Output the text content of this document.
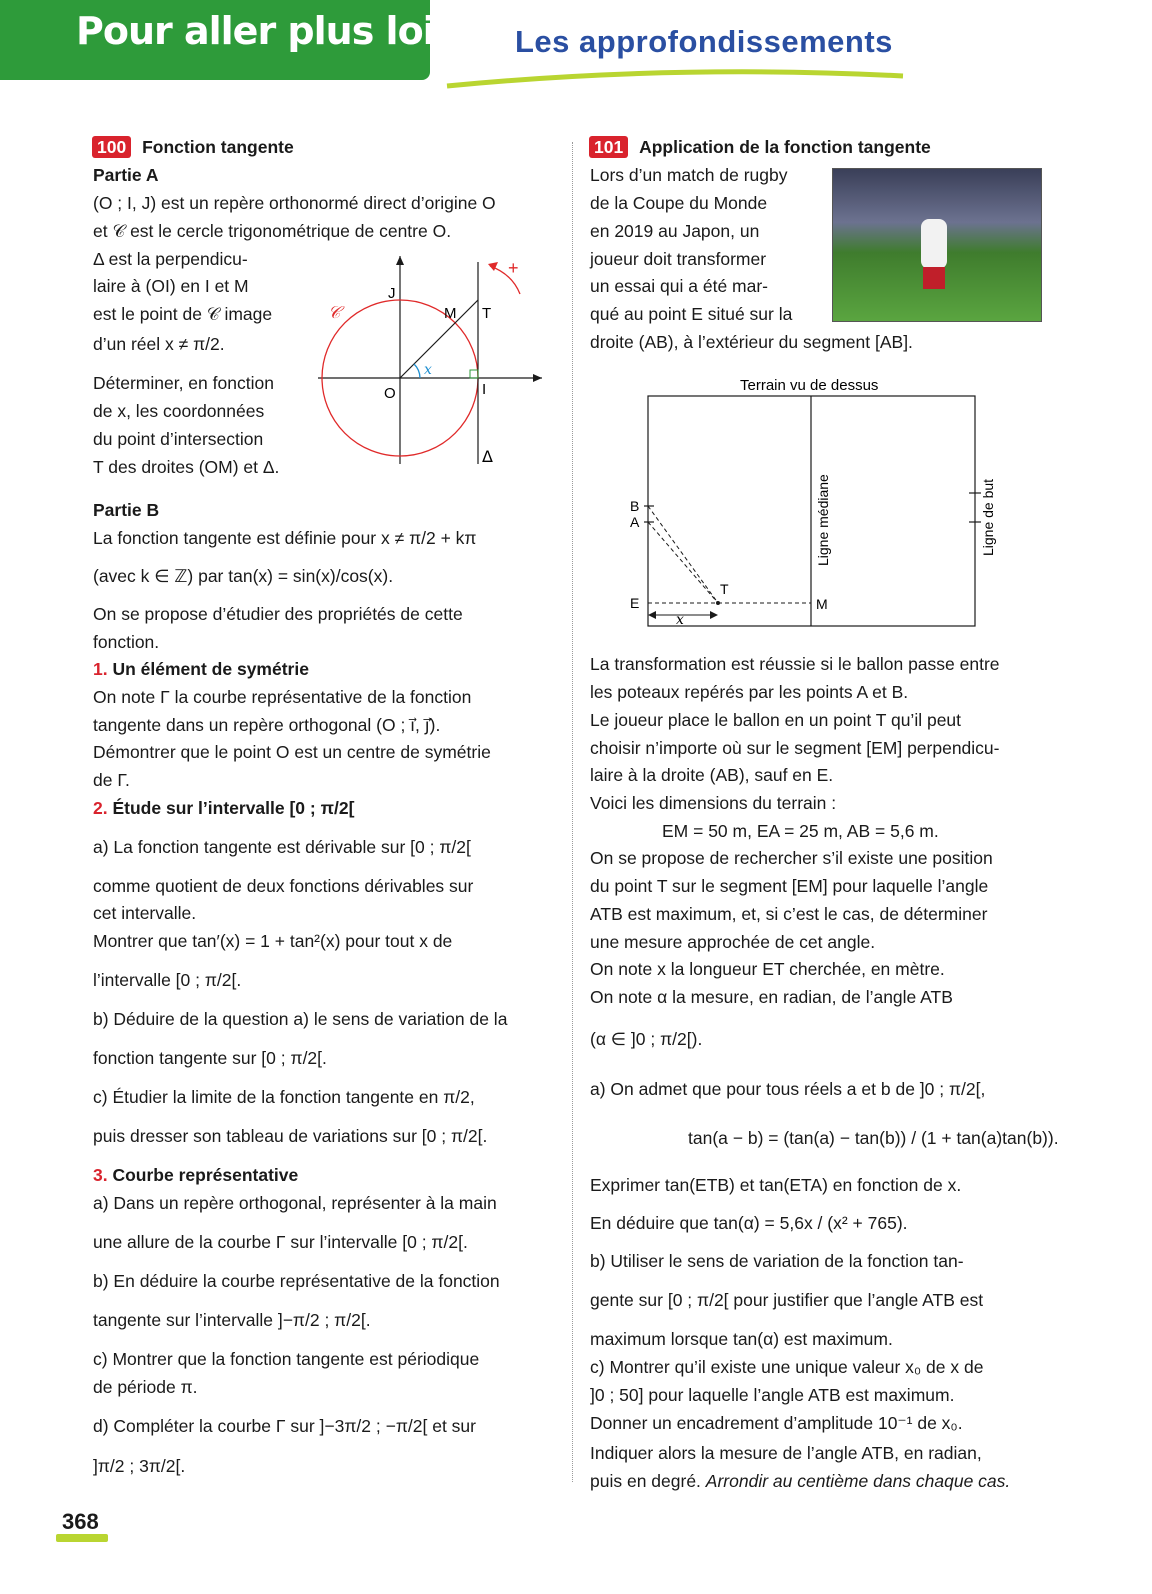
Pour aller plus loin Les approfondissements
100 Fonction tangente
Partie A
(O ; I, J) est un repère orthonormé direct d’origine O
et 𝒞 est le cercle trigonométrique de centre O.
Δ est la perpendicu-
laire à (OI) en I et M
est le point de 𝒞 image
d’un réel x ≠ π/2.
Déterminer, en fonction
de x, les coordonnées
du point d’intersection
T des droites (OM) et Δ.
J
M T
O	I
𝒞
x
Δ
+
Partie B
La fonction tangente est définie pour x ≠ π/2 + kπ
(avec k ∈ ℤ) par tan(x) = sin(x)/cos(x).
On se propose d’étudier des propriétés de cette
fonction.
1. Un élément de symétrie
On note Γ la courbe représentative de la fonction
tangente dans un repère orthogonal (O ; i⃗, j⃗).
Démontrer que le point O est un centre de symétrie
de Γ.
2. Étude sur l’intervalle [0 ; π/2[
a) La fonction tangente est dérivable sur [0 ; π/2[
comme quotient de deux fonctions dérivables sur
cet intervalle.
Montrer que tan′(x) = 1 + tan²(x) pour tout x de
l’intervalle [0 ; π/2[.
b) Déduire de la question a) le sens de variation de la
fonction tangente sur [0 ; π/2[.
c) Étudier la limite de la fonction tangente en π/2,
puis dresser son tableau de variations sur [0 ; π/2[.
3. Courbe représentative
a) Dans un repère orthogonal, représenter à la main
une allure de la courbe Γ sur l’intervalle [0 ; π/2[.
b) En déduire la courbe représentative de la fonction
tangente sur l’intervalle ]−π/2 ; π/2[.
c) Montrer que la fonction tangente est périodique
de période π.
d) Compléter la courbe Γ sur ]−3π/2 ; −π/2[ et sur
]π/2 ; 3π/2[.
101 Application de la fonction tangente
Lors d’un match de rugby
de la Coupe du Monde
en 2019 au Japon, un
joueur doit transformer
un essai qui a été mar-
qué au point E situé sur la
droite (AB), à l’extérieur du segment [AB].
Terrain vu de dessus
B
A
E
T
M
x
Ligne médiane	Ligne de but
La transformation est réussie si le ballon passe entre
les poteaux repérés par les points A et B.
Le joueur place le ballon en un point T qu’il peut
choisir n’importe où sur le segment [EM] perpendicu-
laire à la droite (AB), sauf en E.
Voici les dimensions du terrain :
EM = 50 m, EA = 25 m, AB = 5,6 m.
On se propose de rechercher s’il existe une position
du point T sur le segment [EM] pour laquelle l’angle
ATB est maximum, et, si c’est le cas, de déterminer
une mesure approchée de cet angle.
On note x la longueur ET cherchée, en mètre.
On note α la mesure, en radian, de l’angle ATB
(α ∈ ]0 ; π/2[).
a) On admet que pour tous réels a et b de ]0 ; π/2[,
tan(a − b) = (tan(a) − tan(b)) / (1 + tan(a)tan(b)).
Exprimer tan(ETB) et tan(ETA) en fonction de x.
En déduire que tan(α) = 5,6x / (x² + 765).
b) Utiliser le sens de variation de la fonction tan-
gente sur [0 ; π/2[ pour justifier que l’angle ATB est
maximum lorsque tan(α) est maximum.
c) Montrer qu’il existe une unique valeur x₀ de x de
]0 ; 50] pour laquelle l’angle ATB est maximum.
Donner un encadrement d’amplitude 10⁻¹ de x₀.
Indiquer alors la mesure de l’angle ATB, en radian,
puis en degré. Arrondir au centième dans chaque cas.
368
